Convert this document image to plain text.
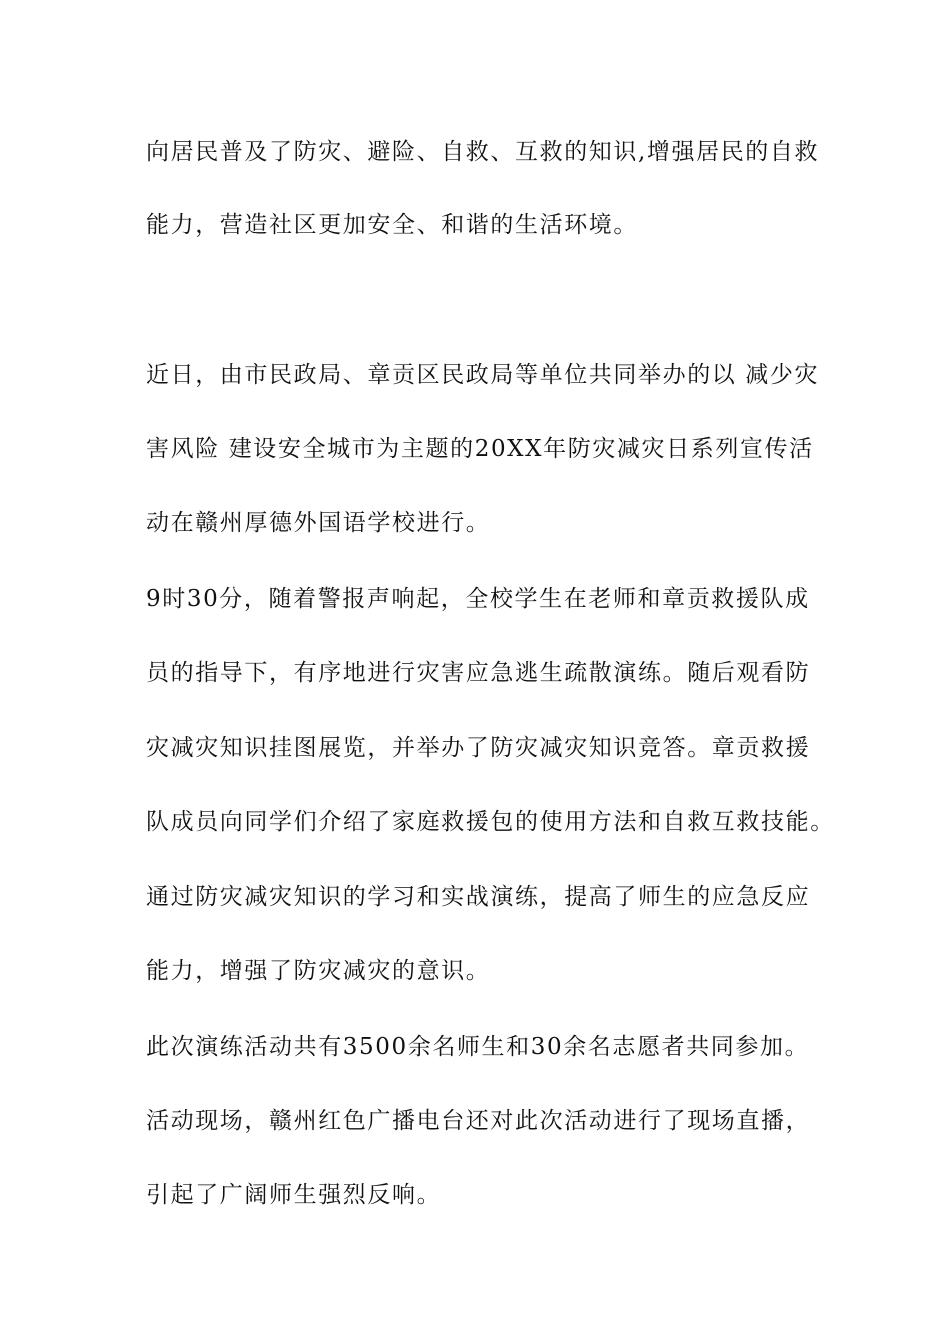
向居民普及了防灾、避险、自救、互救的知识,增强居民的自救
能力，营造社区更加安全、和谐的生活环境。
近日，由市民政局、章贡区民政局等单位共同举办的以 减少灾
害风险 建设安全城市为主题的20XX年防灾减灾日系列宣传活
动在赣州厚德外国语学校进行。
9时30分，随着警报声响起，全校学生在老师和章贡救援队成
员的指导下，有序地进行灾害应急逃生疏散演练。随后观看防
灾减灾知识挂图展览，并举办了防灾减灾知识竞答。章贡救援
队成员向同学们介绍了家庭救援包的使用方法和自救互救技能。
通过防灾减灾知识的学习和实战演练，提高了师生的应急反应
能力，增强了防灾减灾的意识。
此次演练活动共有3500余名师生和30余名志愿者共同参加。
活动现场，赣州红色广播电台还对此次活动进行了现场直播，
引起了广阔师生强烈反响。
